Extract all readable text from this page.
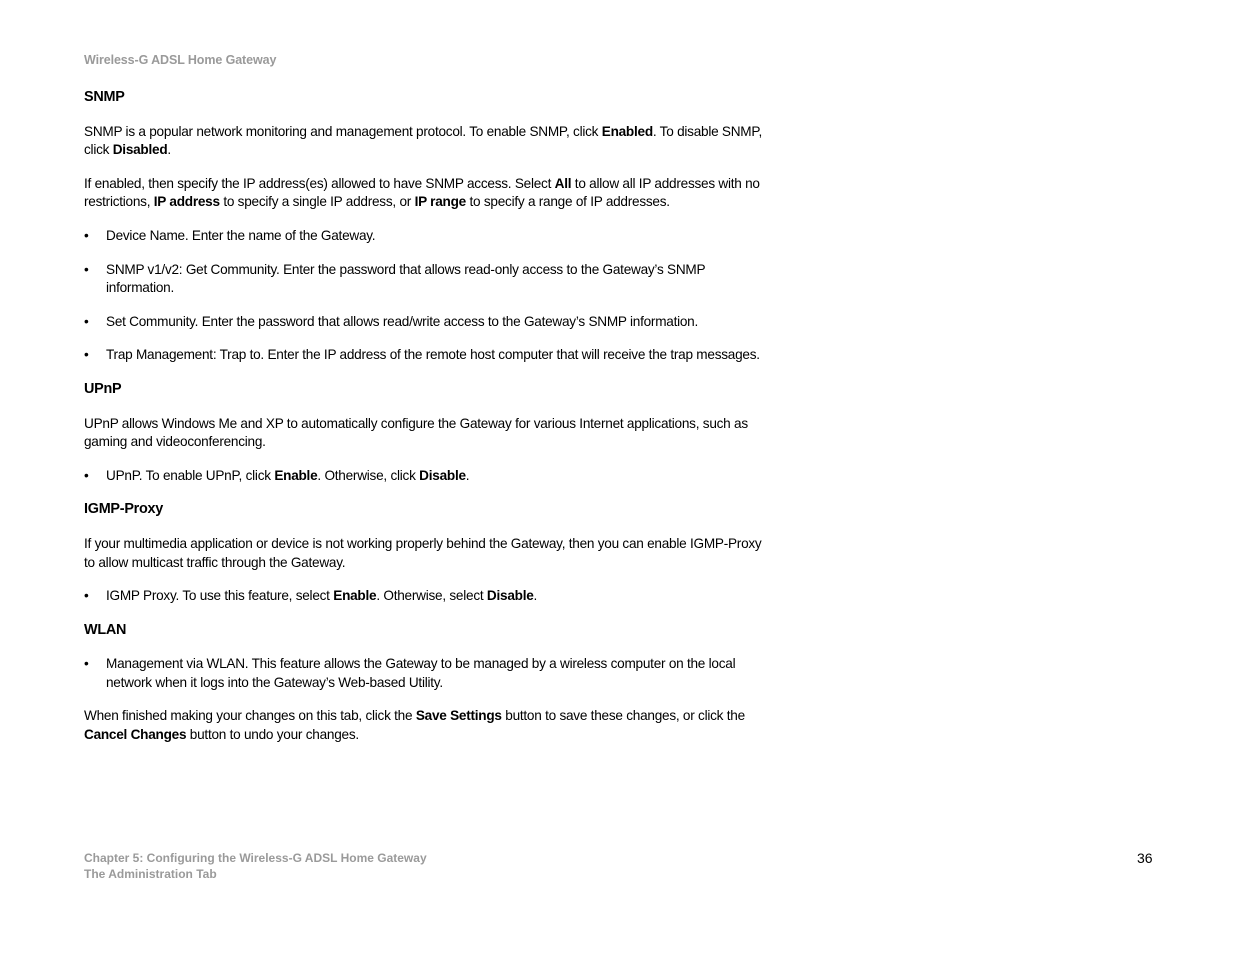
Wireless-G ADSL Home Gateway

SNMP

SNMP is a popular network monitoring and management protocol. To enable SNMP, click Enabled. To disable SNMP, click Disabled.

If enabled, then specify the IP address(es) allowed to have SNMP access. Select All to allow all IP addresses with no restrictions, IP address to specify a single IP address, or IP range to specify a range of IP addresses.

•	Device Name. Enter the name of the Gateway.
•	SNMP v1/v2: Get Community. Enter the password that allows read-only access to the Gateway’s SNMP information.
•	Set Community. Enter the password that allows read/write access to the Gateway’s SNMP information.
•	Trap Management: Trap to. Enter the IP address of the remote host computer that will receive the trap messages.

UPnP

UPnP allows Windows Me and XP to automatically configure the Gateway for various Internet applications, such as gaming and videoconferencing.

•	UPnP. To enable UPnP, click Enable. Otherwise, click Disable.

IGMP-Proxy

If your multimedia application or device is not working properly behind the Gateway, then you can enable IGMP-Proxy to allow multicast traffic through the Gateway.

•	IGMP Proxy. To use this feature, select Enable. Otherwise, select Disable.

WLAN

•	Management via WLAN. This feature allows the Gateway to be managed by a wireless computer on the local network when it logs into the Gateway’s Web-based Utility.

When finished making your changes on this tab, click the Save Settings button to save these changes, or click the Cancel Changes button to undo your changes.

Chapter 5: Configuring the Wireless-G ADSL Home Gateway
The Administration Tab
36
